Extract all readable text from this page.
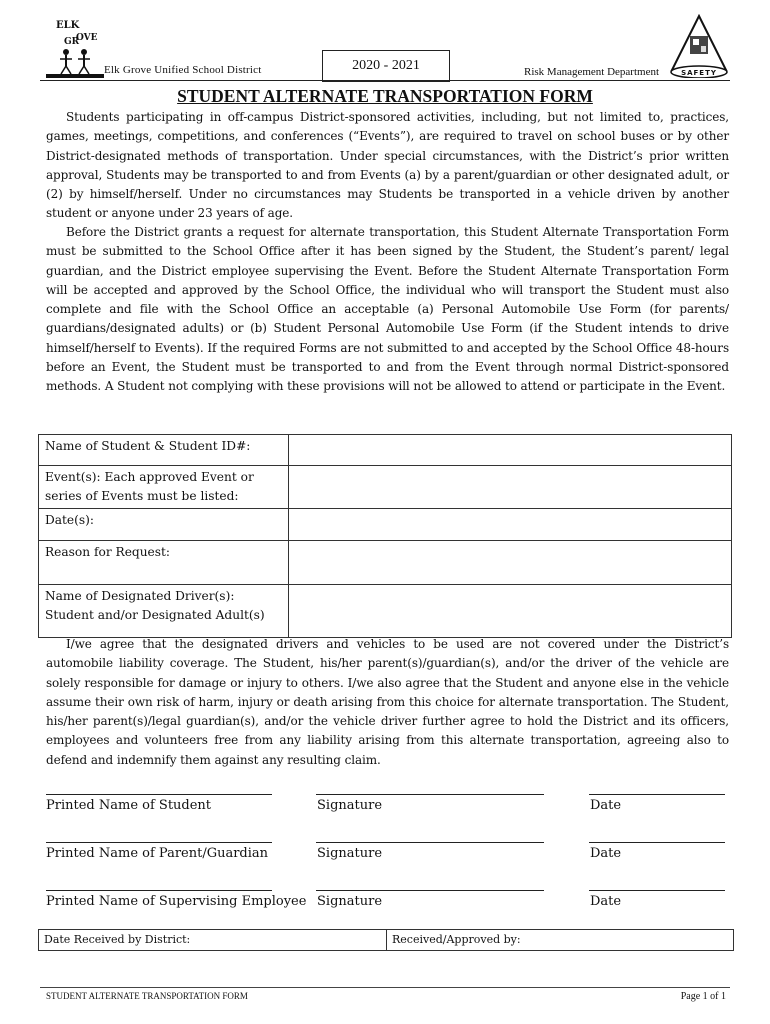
ELK
OVE
GR
Elk Grove Unified School District	2020 - 2021	Risk Management Department	SAFETY
STUDENT ALTERNATE TRANSPORTATION FORM

Students participating in off-campus District-sponsored activities, including, but not limited to, practices, games, meetings, competitions, and conferences (“Events”), are required to travel on school buses or by other District-designated methods of transportation. Under special circumstances, with the District’s prior written approval, Students may be transported to and from Events (a) by a parent/guardian or other designated adult, or (2) by himself/herself. Under no circumstances may Students be transported in a vehicle driven by another student or anyone under 23 years of age.

Before the District grants a request for alternate transportation, this Student Alternate Transportation Form must be submitted to the School Office after it has been signed by the Student, the Student’s parent/ legal guardian, and the District employee supervising the Event. Before the Student Alternate Transportation Form will be accepted and approved by the School Office, the individual who will transport the Student must also complete and file with the School Office an acceptable (a) Personal Automobile Use Form (for parents/ guardians/designated adults) or (b) Student Personal Automobile Use Form (if the Student intends to drive himself/herself to Events). If the required Forms are not submitted to and accepted by the School Office 48-hours before an Event, the Student must be transported to and from the Event through normal District-sponsored methods. A Student not complying with these provisions will not be allowed to attend or participate in the Event.

Name of Student & Student ID#:	
Event(s): Each approved Event or series of Events must be listed:	
Date(s):	
Reason for Request:	
Name of Designated Driver(s): Student and/or Designated Adult(s)	

I/we agree that the designated drivers and vehicles to be used are not covered under the District’s automobile liability coverage. The Student, his/her parent(s)/guardian(s), and/or the driver of the vehicle are solely responsible for damage or injury to others. I/we also agree that the Student and anyone else in the vehicle assume their own risk of harm, injury or death arising from this choice for alternate transportation. The Student, his/her parent(s)/legal guardian(s), and/or the vehicle driver further agree to hold the District and its officers, employees and volunteers free from any liability arising from this alternate transportation, agreeing also to defend and indemnify them against any resulting claim.

Printed Name of Student	Signature	Date
Printed Name of Parent/Guardian	Signature	Date
Printed Name of Supervising Employee Signature	Date
Date Received by District:	Received/Approved by:
STUDENT ALTERNATE TRANSPORTATION FORM	Page 1 of 1
